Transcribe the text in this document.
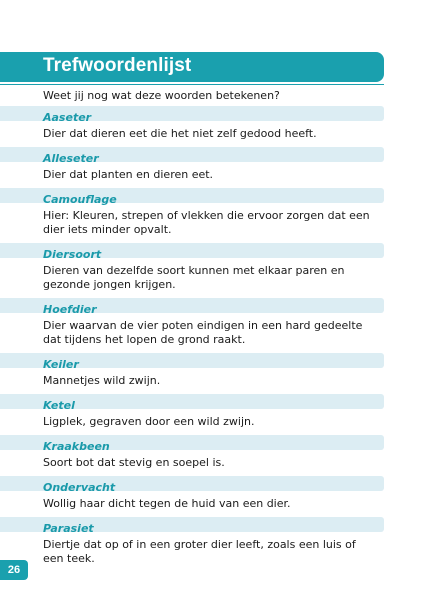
Trefwoordenlijst
Weet jij nog wat deze woorden betekenen?
Aaseter
Dier dat dieren eet die het niet zelf gedood heeft.
Alleseter
Dier dat planten en dieren eet.
Camouflage
Hier: Kleuren, strepen of vlekken die ervoor zorgen dat een dier iets minder opvalt.
Diersoort
Dieren van dezelfde soort kunnen met elkaar paren en gezonde jongen krijgen.
Hoefdier
Dier waarvan de vier poten eindigen in een hard gedeelte dat tijdens het lopen de grond raakt.
Keiler
Mannetjes wild zwijn.
Ketel
Ligplek, gegraven door een wild zwijn.
Kraakbeen
Soort bot dat stevig en soepel is.
Ondervacht
Wollig haar dicht tegen de huid van een dier.
Parasiet
Diertje dat op of in een groter dier leeft, zoals een luis of een teek.
26
